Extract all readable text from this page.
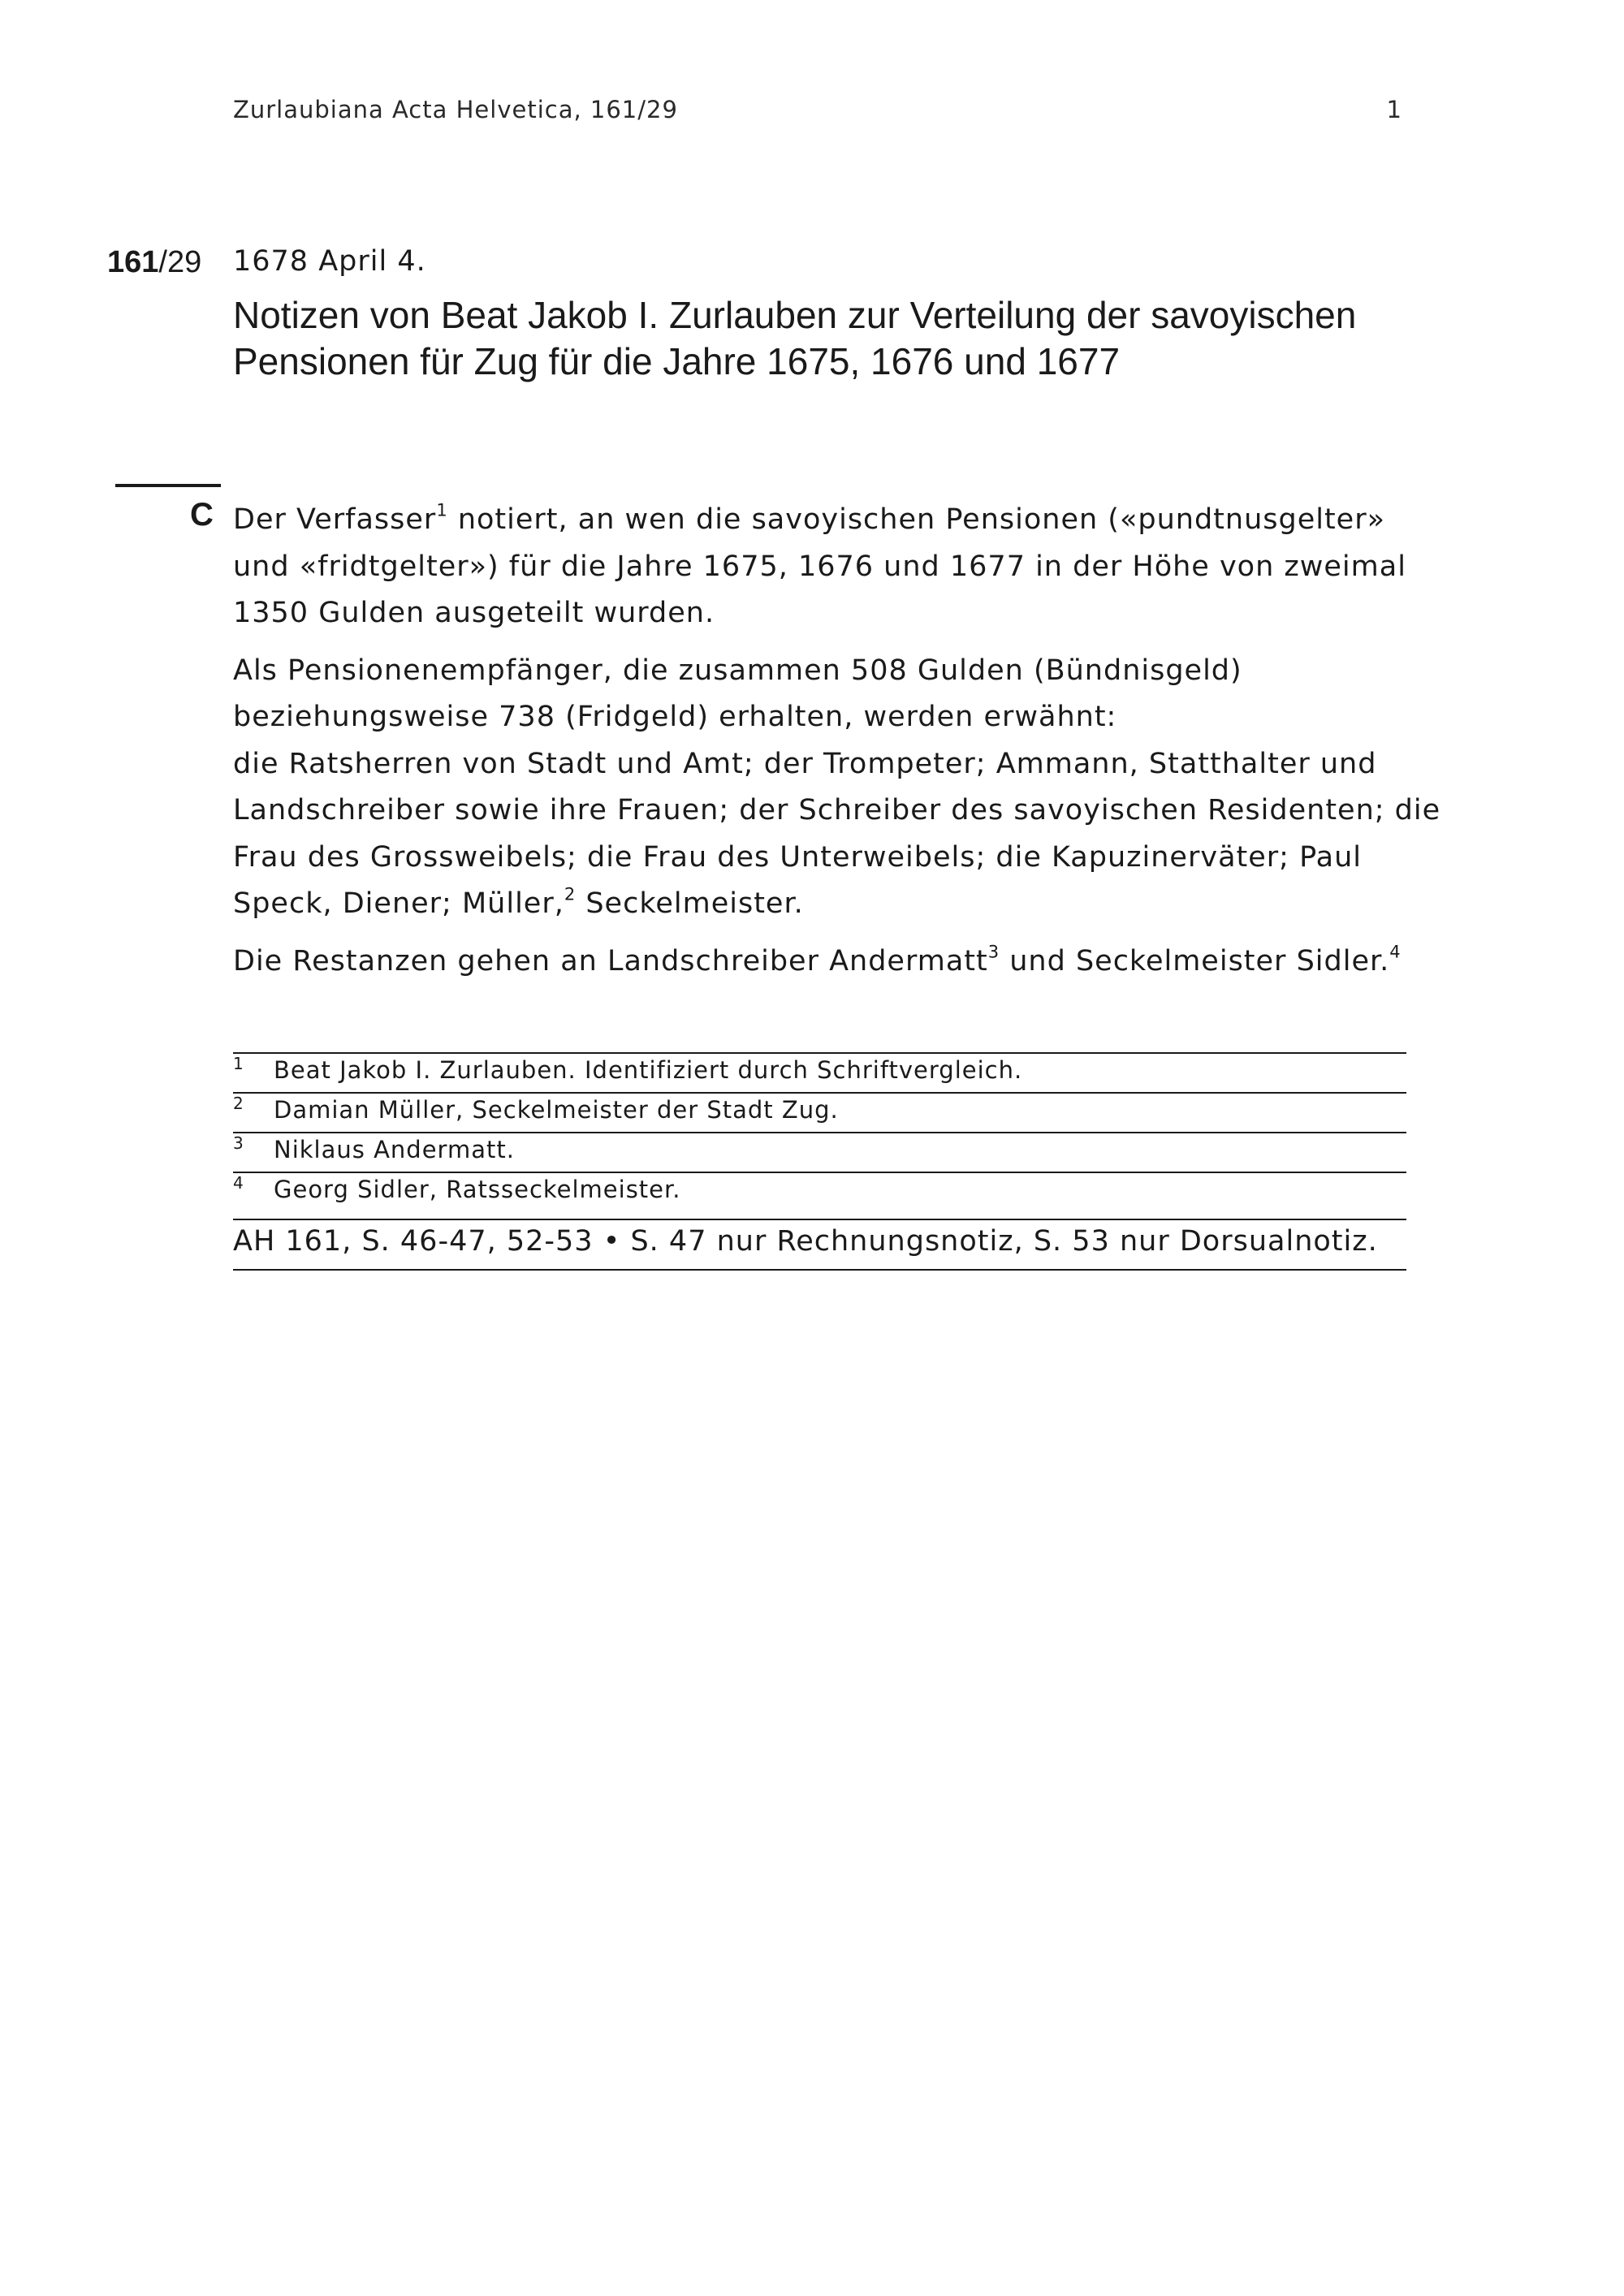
Zurlaubiana Acta Helvetica, 161/29	1
161/29	1678 April 4.
Notizen von Beat Jakob I. Zurlauben zur Verteilung der savoyischen Pensionen für Zug für die Jahre 1675, 1676 und 1677
C Der Verfasser$^1$ notiert, an wen die savoyischen Pensionen («pundtnusgelter»
und «fridtgelter») für die Jahre 1675, 1676 und 1677 in der Höhe von zweimal
1350 Gulden ausgeteilt wurden.

Als Pensionenempfänger, die zusammen 508 Gulden (Bündnisgeld)
beziehungsweise 738 (Fridgeld) erhalten, werden erwähnt:
die Ratsherren von Stadt und Amt; der Trompeter; Ammann, Statthalter und
Landschreiber sowie ihre Frauen; der Schreiber des savoyischen Residenten; die
Frau des Grossweibels; die Frau des Unterweibels; die Kapuzinerväter; Paul
Speck, Diener; Müller,$^2$ Seckelmeister.

Die Restanzen gehen an Landschreiber Andermatt$^3$ und Seckelmeister Sidler.$^4$

1 Beat Jakob I. Zurlauben. Identifiziert durch Schriftvergleich.
2 Damian Müller, Seckelmeister der Stadt Zug.
3 Niklaus Andermatt.
4 Georg Sidler, Ratsseckelmeister.
AH 161, S. 46-47, 52-53 • S. 47 nur Rechnungsnotiz, S. 53 nur Dorsualnotiz.
